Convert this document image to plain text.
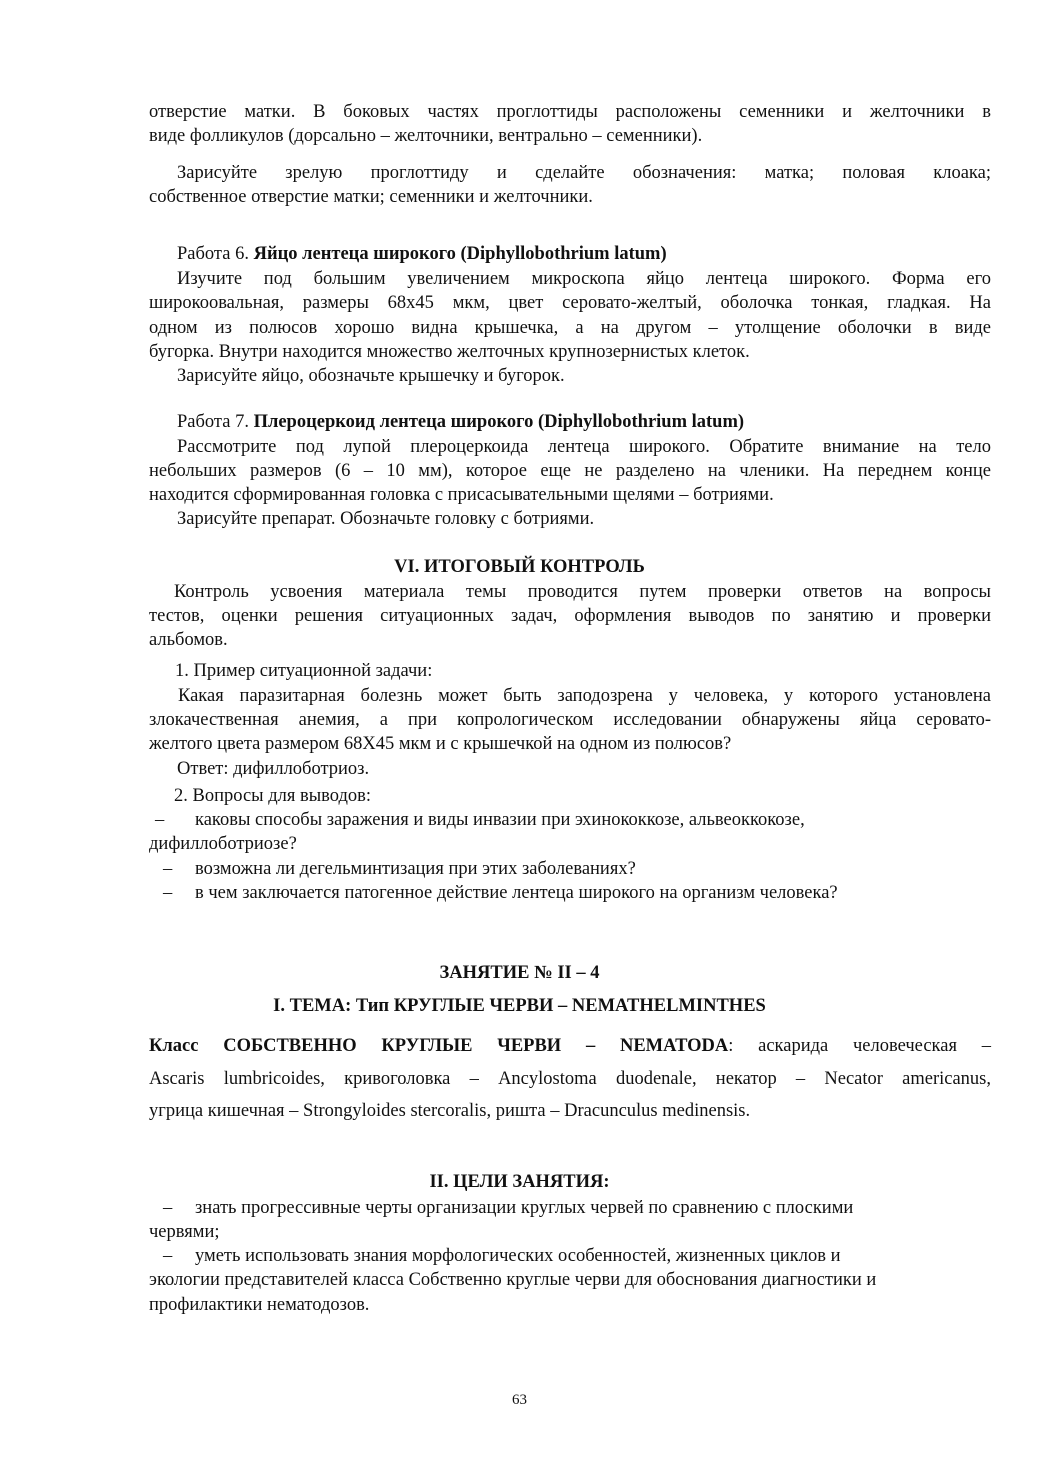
отверстие матки. В боковых частях проглоттиды расположены семенники и желточники в
виде фолликулов (дорсально – желточники, вентрально – семенники).
Зарисуйте зрелую проглоттиду и сделайте обозначения: матка; половая клоака;
собственное отверстие матки; семенники и желточники.
Работа 6. Яйцо лентеца широкого (Diphyllobothrium latum)
Изучите под большим увеличением микроскопа яйцо лентеца широкого. Форма его
широкоовальная, размеры 68х45 мкм, цвет серовато-желтый, оболочка тонкая, гладкая. На
одном из полюсов хорошо видна крышечка, а на другом – утолщение оболочки в виде
бугорка. Внутри находится множество желточных крупнозернистых клеток.
Зарисуйте яйцо, обозначьте крышечку и бугорок.
Работа 7. Плероцеркоид лентеца широкого (Diphyllobothrium latum)
Рассмотрите под лупой плероцеркоида лентеца широкого. Обратите внимание на тело
небольших размеров (6 – 10 мм), которое еще не разделено на членики. На переднем конце
находится сформированная головка с присасывательными щелями – ботриями.
Зарисуйте препарат. Обозначьте головку с ботриями.
VI. ИТОГОВЫЙ КОНТРОЛЬ
Контроль усвоения материала темы проводится путем проверки ответов на вопросы
тестов, оценки решения ситуационных задач, оформления выводов по занятию и проверки
альбомов.
1. Пример ситуационной задачи:
Какая паразитарная болезнь может быть заподозрена у человека, у которого установлена
злокачественная анемия, а при копрологическом исследовании обнаружены яйца серовато-
желтого цвета размером 68Х45 мкм и с крышечкой на одном из полюсов?
Ответ: дифиллоботриоз.
2. Вопросы для выводов:
– каковы способы заражения и виды инвазии при эхинококкозе, альвеоккокозе,
дифиллоботриозе?
– возможна ли дегельминтизация при этих заболеваниях?
– в чем заключается патогенное действие лентеца широкого на организм человека?
ЗАНЯТИЕ № II – 4
I. ТЕМА: Тип КРУГЛЫЕ ЧЕРВИ – NEMATHELMINTHES
Класс СОБСТВЕННО КРУГЛЫЕ ЧЕРВИ – NEMATODA: аскарида человеческая –
Ascaris lumbricoides, кривоголовка – Ancylostoma duodenale, некатор – Necator americanus,
угрица кишечная – Strongyloides stercoralis, ришта – Dracunculus medinensis.
II. ЦЕЛИ ЗАНЯТИЯ:
– знать прогрессивные черты организации круглых червей по сравнению с плоскими
червями;
– уметь использовать знания морфологических особенностей, жизненных циклов и
экологии представителей класса Собственно круглые черви для обоснования диагностики и
профилактики нематодозов.
63
